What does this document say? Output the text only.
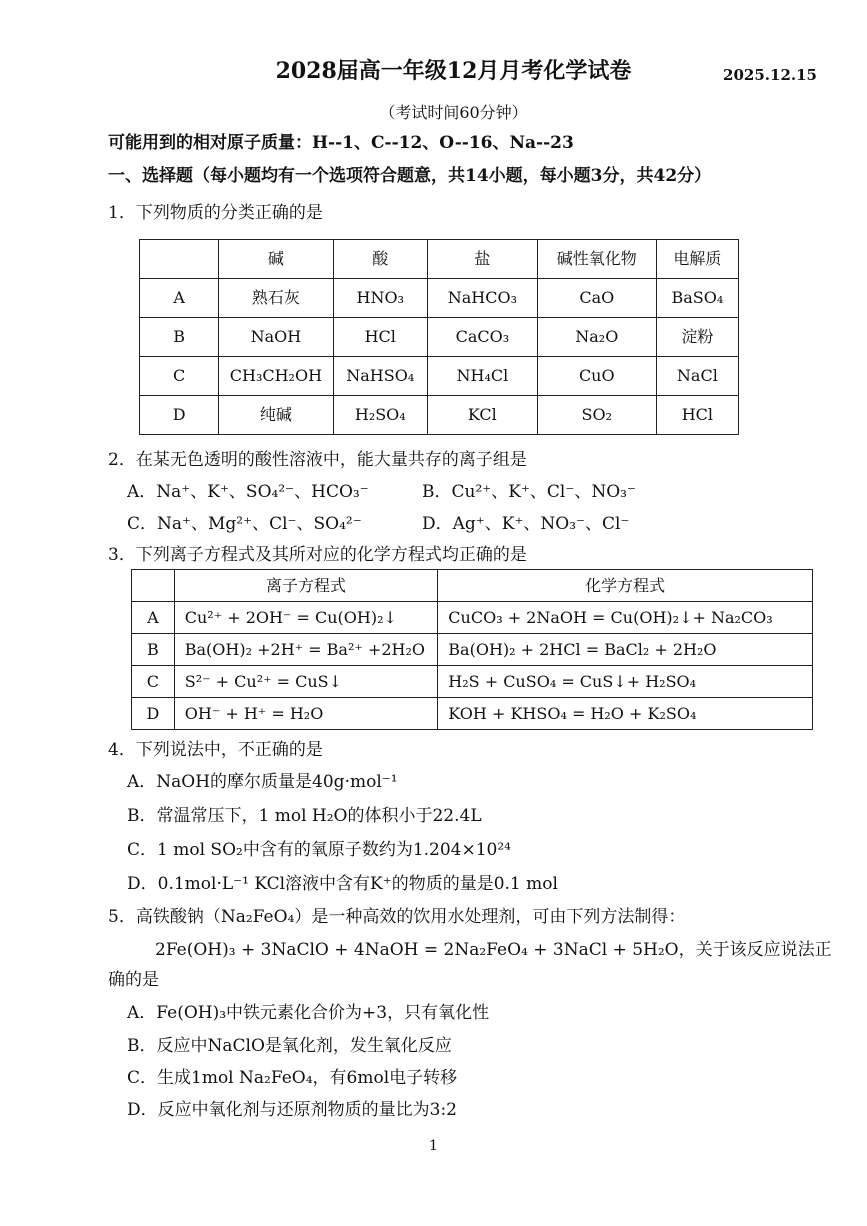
2028届高一年级12月月考化学试卷	2025.12.15
（考试时间60分钟）
可能用到的相对原子质量：H--1、C--12、O--16、Na--23
一、选择题（每小题均有一个选项符合题意，共14小题，每小题3分，共42分）
1．下列物质的分类正确的是
	碱	酸	盐	碱性氧化物	电解质
A	熟石灰	HNO₃	NaHCO₃	CaO	BaSO₄
B	NaOH	HCl	CaCO₃	Na₂O	淀粉
C	CH₃CH₂OH	NaHSO₄	NH₄Cl	CuO	NaCl
D	纯碱	H₂SO₄	KCl	SO₂	HCl
2．在某无色透明的酸性溶液中，能大量共存的离子组是
A．Na⁺、K⁺、SO₄²⁻、HCO₃⁻	B．Cu²⁺、K⁺、Cl⁻、NO₃⁻
C．Na⁺、Mg²⁺、Cl⁻、SO₄²⁻	D．Ag⁺、K⁺、NO₃⁻、Cl⁻
3．下列离子方程式及其所对应的化学方程式均正确的是
	离子方程式	化学方程式
A	Cu²⁺ + 2OH⁻ = Cu(OH)₂↓	CuCO₃ + 2NaOH = Cu(OH)₂↓+ Na₂CO₃
B	Ba(OH)₂ +2H⁺ = Ba²⁺ +2H₂O	Ba(OH)₂ + 2HCl = BaCl₂ + 2H₂O
C	S²⁻ + Cu²⁺ = CuS↓	H₂S + CuSO₄ = CuS↓+ H₂SO₄
D	OH⁻ + H⁺ = H₂O	KOH + KHSO₄ = H₂O + K₂SO₄
4．下列说法中，不正确的是
A．NaOH的摩尔质量是40g·mol⁻¹
B．常温常压下，1 mol H₂O的体积小于22.4L
C．1 mol SO₂中含有的氧原子数约为1.204×10²⁴
D．0.1mol·L⁻¹ KCl溶液中含有K⁺的物质的量是0.1 mol
5．高铁酸钠（Na₂FeO₄）是一种高效的饮用水处理剂，可由下列方法制得：
2Fe(OH)₃ + 3NaClO + 4NaOH = 2Na₂FeO₄ + 3NaCl + 5H₂O，关于该反应说法正
确的是
A．Fe(OH)₃中铁元素化合价为+3，只有氧化性
B．反应中NaClO是氧化剂，发生氧化反应
C．生成1mol Na₂FeO₄，有6mol电子转移
D．反应中氧化剂与还原剂物质的量比为3:2
1
